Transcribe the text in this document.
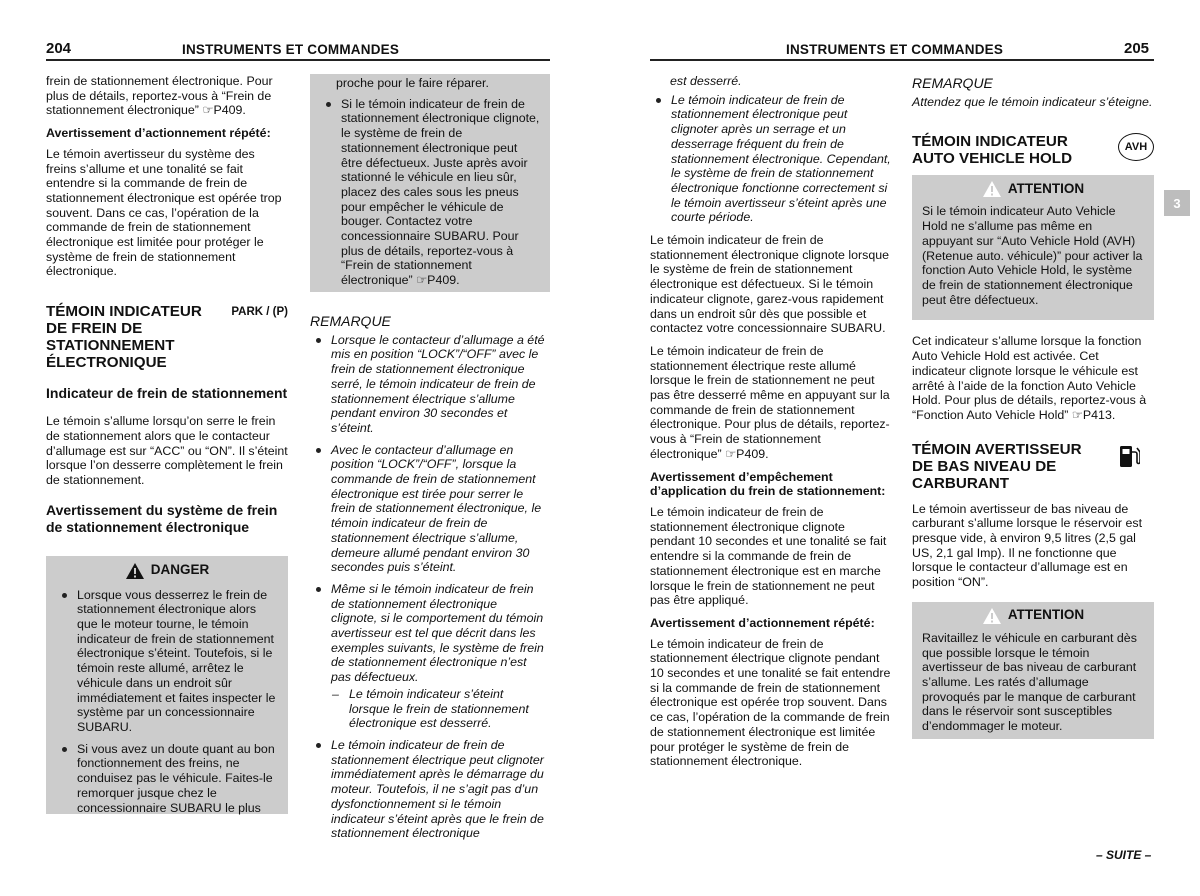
204	INSTRUMENTS ET COMMANDES	INSTRUMENTS ET COMMANDES	205

frein de stationnement électronique. Pour plus de détails, reportez-vous à “Frein de stationnement électronique” ☞P409.

Avertissement d’actionnement répété:

Le témoin avertisseur du système des freins s’allume et une tonalité se fait entendre si la commande de frein de stationnement électronique est opérée trop souvent. Dans ce cas, l’opération de la commande de frein de stationnement électronique est limitée pour protéger le système de frein de stationnement électronique.

TÉMOIN INDICATEUR DE FREIN DE STATIONNEMENT ÉLECTRONIQUE
PARK / (P)
Indicateur de frein de stationnement

Le témoin s’allume lorsqu’on serre le frein de stationnement alors que le contacteur d’allumage est sur “ACC” ou “ON”. Il s’éteint lorsque l’on desserre complètement le frein de stationnement.

Avertissement du système de frein de stationnement électronique
DANGER
Lorsque vous desserrez le frein de stationnement électronique alors que le moteur tourne, le témoin indicateur de frein de stationnement électronique s’éteint. Toutefois, si le témoin reste allumé, arrêtez le véhicule dans un endroit sûr immédiatement et faites inspecter le système par un concessionnaire SUBARU.
Si vous avez un doute quant au bon fonctionnement des freins, ne conduisez pas le véhicule. Faites-le remorquer jusque chez le concessionnaire SUBARU le plus
proche pour le faire réparer.
Si le témoin indicateur de frein de stationnement électronique clignote, le système de frein de stationnement électronique peut être défectueux. Juste après avoir stationné le véhicule en lieu sûr, placez des cales sous les pneus pour empêcher le véhicule de bouger. Contactez votre concessionnaire SUBARU. Pour plus de détails, reportez-vous à “Frein de stationnement électronique” ☞P409.
REMARQUE
Lorsque le contacteur d’allumage a été mis en position “LOCK”/“OFF” avec le frein de stationnement électronique serré, le témoin indicateur de frein de stationnement électrique s’allume pendant environ 30 secondes et s’éteint.
Avec le contacteur d’allumage en position “LOCK”/“OFF”, lorsque la commande de frein de stationnement électronique est tirée pour serrer le frein de stationnement électronique, le témoin indicateur de frein de stationnement électrique s’allume, demeure allumé pendant environ 30 secondes puis s’éteint.
Même si le témoin indicateur de frein de stationnement électronique clignote, si le comportement du témoin avertisseur est tel que décrit dans les exemples suivants, le système de frein de stationnement électronique n’est pas défectueux.
– Le témoin indicateur s’éteint lorsque le frein de stationnement électronique est desserré.
Le témoin indicateur de frein de stationnement électrique peut clignoter immédiatement après le démarrage du moteur. Toutefois, il ne s’agit pas d’un dysfonctionnement si le témoin indicateur s’éteint après que le frein de stationnement électronique
est desserré.
Le témoin indicateur de frein de stationnement électronique peut clignoter après un serrage et un desserrage fréquent du frein de stationnement électronique. Cependant, le système de frein de stationnement électronique fonctionne correctement si le témoin avertisseur s’éteint après une courte période.

Le témoin indicateur de frein de stationnement électronique clignote lorsque le système de frein de stationnement électronique est défectueux. Si le témoin indicateur clignote, garez-vous rapidement dans un endroit sûr dès que possible et contactez votre concessionnaire SUBARU.

Le témoin indicateur de frein de stationnement électrique reste allumé lorsque le frein de stationnement ne peut pas être desserré même en appuyant sur la commande de frein de stationnement électronique. Pour plus de détails, reportez-vous à “Frein de stationnement électronique” ☞P409.

Avertissement d’empêchement d’application du frein de stationnement:

Le témoin indicateur de frein de stationnement électronique clignote pendant 10 secondes et une tonalité se fait entendre si la commande de frein de stationnement électronique est en marche lorsque le frein de stationnement ne peut pas être appliqué.

Avertissement d’actionnement répété:

Le témoin indicateur de frein de stationnement électrique clignote pendant 10 secondes et une tonalité se fait entendre si la commande de frein de stationnement électronique est opérée trop souvent. Dans ce cas, l’opération de la commande de frein de stationnement électronique est limitée pour protéger le système de frein de stationnement électronique.

REMARQUE

Attendez que le témoin indicateur s’éteigne.

TÉMOIN INDICATEUR AUTO VEHICLE HOLD
AVH
ATTENTION
Si le témoin indicateur Auto Vehicle Hold ne s’allume pas même en appuyant sur “Auto Vehicle Hold (AVH) (Retenue auto. véhicule)” pour activer la fonction Auto Vehicle Hold, le système de frein de stationnement électronique peut être défectueux.

Cet indicateur s’allume lorsque la fonction Auto Vehicle Hold est activée. Cet indicateur clignote lorsque le véhicule est arrêté à l’aide de la fonction Auto Vehicle Hold. Pour plus de détails, reportez-vous à “Fonction Auto Vehicle Hold” ☞P413.

TÉMOIN AVERTISSEUR DE BAS NIVEAU DE CARBURANT

Le témoin avertisseur de bas niveau de carburant s’allume lorsque le réservoir est presque vide, à environ 9,5 litres (2,5 gal US, 2,1 gal Imp). Il ne fonctionne que lorsque le contacteur d’allumage est en position “ON”.

ATTENTION
Ravitaillez le véhicule en carburant dès que possible lorsque le témoin avertisseur de bas niveau de carburant s’allume. Les ratés d’allumage provoqués par le manque de carburant dans le réservoir sont susceptibles d’endommager le moteur.
3
– SUITE –
